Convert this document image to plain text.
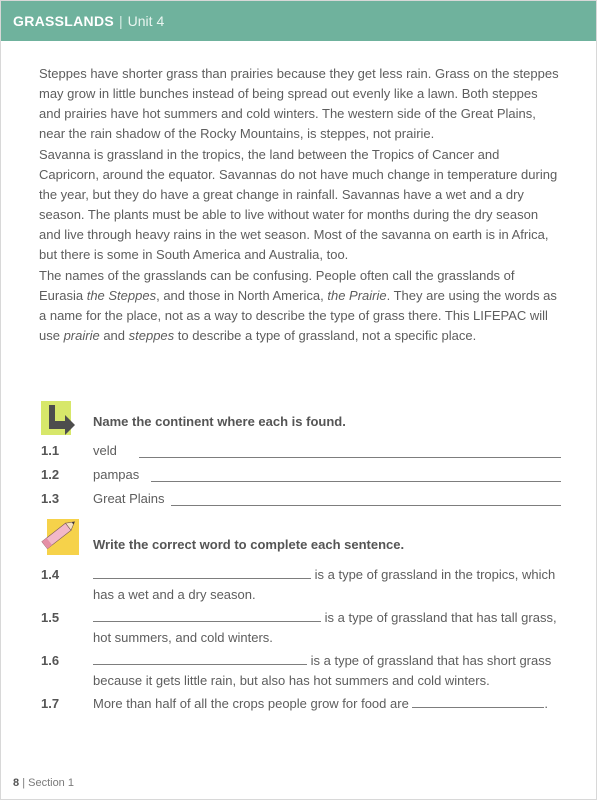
GRASSLANDS | Unit 4
Steppes have shorter grass than prairies because they get less rain. Grass on the steppes may grow in little bunches instead of being spread out evenly like a lawn. Both steppes and prairies have hot summers and cold winters. The western side of the Great Plains, near the rain shadow of the Rocky Mountains, is steppes, not prairie.
Savanna is grassland in the tropics, the land between the Tropics of Cancer and Capricorn, around the equator. Savannas do not have much change in temperature during the year, but they do have a great change in rainfall. Savannas have a wet and a dry season. The plants must be able to live without water for months during the dry season and live through heavy rains in the wet season. Most of the savanna on earth is in Africa, but there is some in South America and Australia, too.
The names of the grasslands can be confusing. People often call the grasslands of Eurasia the Steppes, and those in North America, the Prairie. They are using the words as a name for the place, not as a way to describe the type of grass there. This LIFEPAC will use prairie and steppes to describe a type of grassland, not a specific place.
Name the continent where each is found.
1.1	veld
1.2	pampas
1.3	Great Plains
Write the correct word to complete each sentence.
1.4	is a type of grassland in the tropics, which
has a wet and a dry season.
1.5	is a type of grassland that has tall grass,
hot summers, and cold winters.
1.6	is a type of grassland that has short grass
because it gets little rain, but also has hot summers and cold winters.
1.7	More than half of all the crops people grow for food are	.
8 | Section 1
